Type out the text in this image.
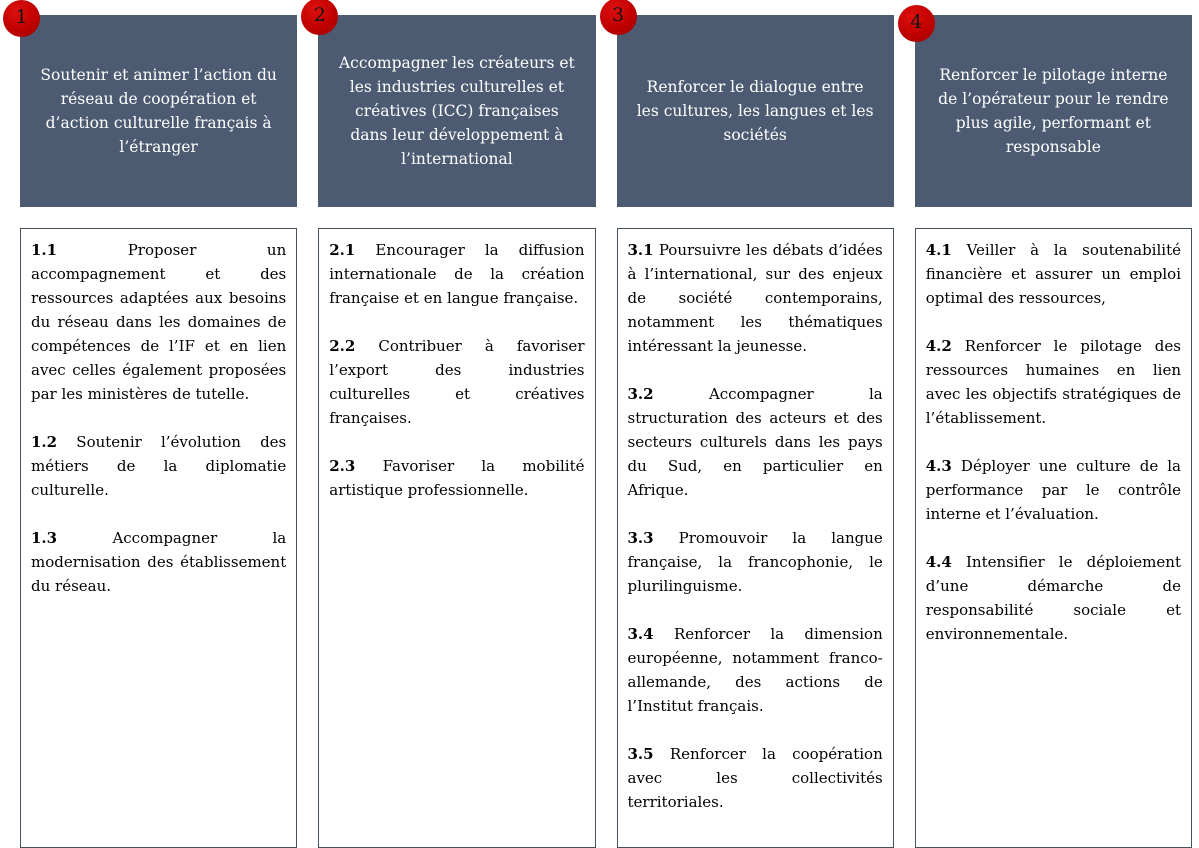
1
Soutenir et animer l’action du réseau de coopération et d’action culturelle français à l’étranger

1.1	Proposer un accompagnement et des ressources adaptées aux besoins du réseau dans les domaines de compétences de l’IF et en lien avec celles également proposées par les ministères de tutelle.

1.2 Soutenir l’évolution des métiers de la diplomatie culturelle.

1.3	Accompagner la modernisation des établissement du réseau.

2
Accompagner les créateurs et les industries culturelles et créatives (ICC) françaises dans leur développement à l’international

2.1 Encourager la diffusion internationale de la création française et en langue française.

2.2 Contribuer à favoriser l’export des industries culturelles et créatives françaises.

2.3 Favoriser la mobilité artistique professionnelle.

3
Renforcer le dialogue entre les cultures, les langues et les sociétés

3.1 Poursuivre les débats d’idées à l’international, sur des enjeux de société contemporains, notamment les thématiques intéressant la jeunesse.

3.2	Accompagner la structuration des acteurs et des secteurs culturels dans les pays du Sud, en particulier en Afrique.

3.3 Promouvoir la langue française, la francophonie, le plurilinguisme.

3.4 Renforcer la dimension européenne, notamment franco-allemande, des actions de l’Institut français.

3.5 Renforcer la coopération avec les collectivités territoriales.

4
Renforcer le pilotage interne de l’opérateur pour le rendre plus agile, performant et responsable

4.1 Veiller à la soutenabilité financière et assurer un emploi optimal des ressources,

4.2 Renforcer le pilotage des ressources humaines en lien avec les objectifs stratégiques de l’établissement.

4.3 Déployer une culture de la performance par le contrôle interne et l’évaluation.

4.4 Intensifier le déploiement d’une démarche de responsabilité sociale et environnementale.
